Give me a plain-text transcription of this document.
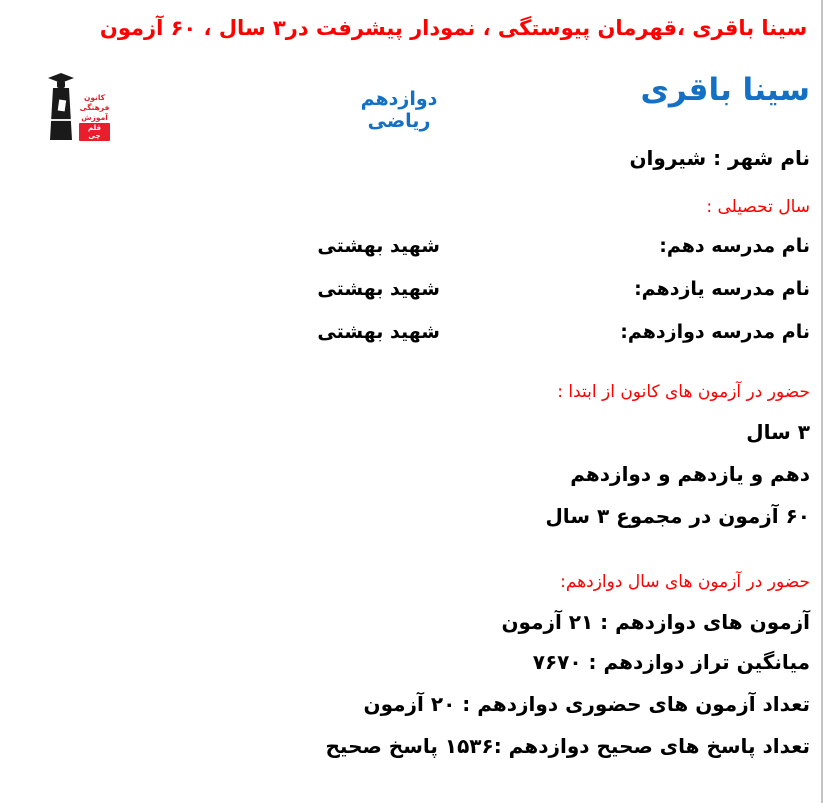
سینا باقری ،قهرمان پیوستگی ، نمودار پیشرفت در۳ سال ، ۶۰ آزمون
کانون
فرهنگی
آموزش
قلم چی
دوازدهم ریاضی
سینا باقری
نام شهر : شیروان
سال تحصیلی :
نام مدرسه دهم:
شهید بهشتی
نام مدرسه یازدهم:
شهید بهشتی
نام مدرسه دوازدهم:
شهید بهشتی
حضور در آزمون های کانون از ابتدا :
۳ سال
دهم و یازدهم و دوازدهم
۶۰ آزمون در مجموع ۳ سال
حضور در آزمون های سال دوازدهم:
آزمون های دوازدهم : ۲۱ آزمون
میانگین تراز دوازدهم : ۷۶۷۰
تعداد آزمون های حضوری دوازدهم : ۲۰ آزمون
تعداد پاسخ های صحیح دوازدهم :۱۵۳۶ پاسخ صحیح
